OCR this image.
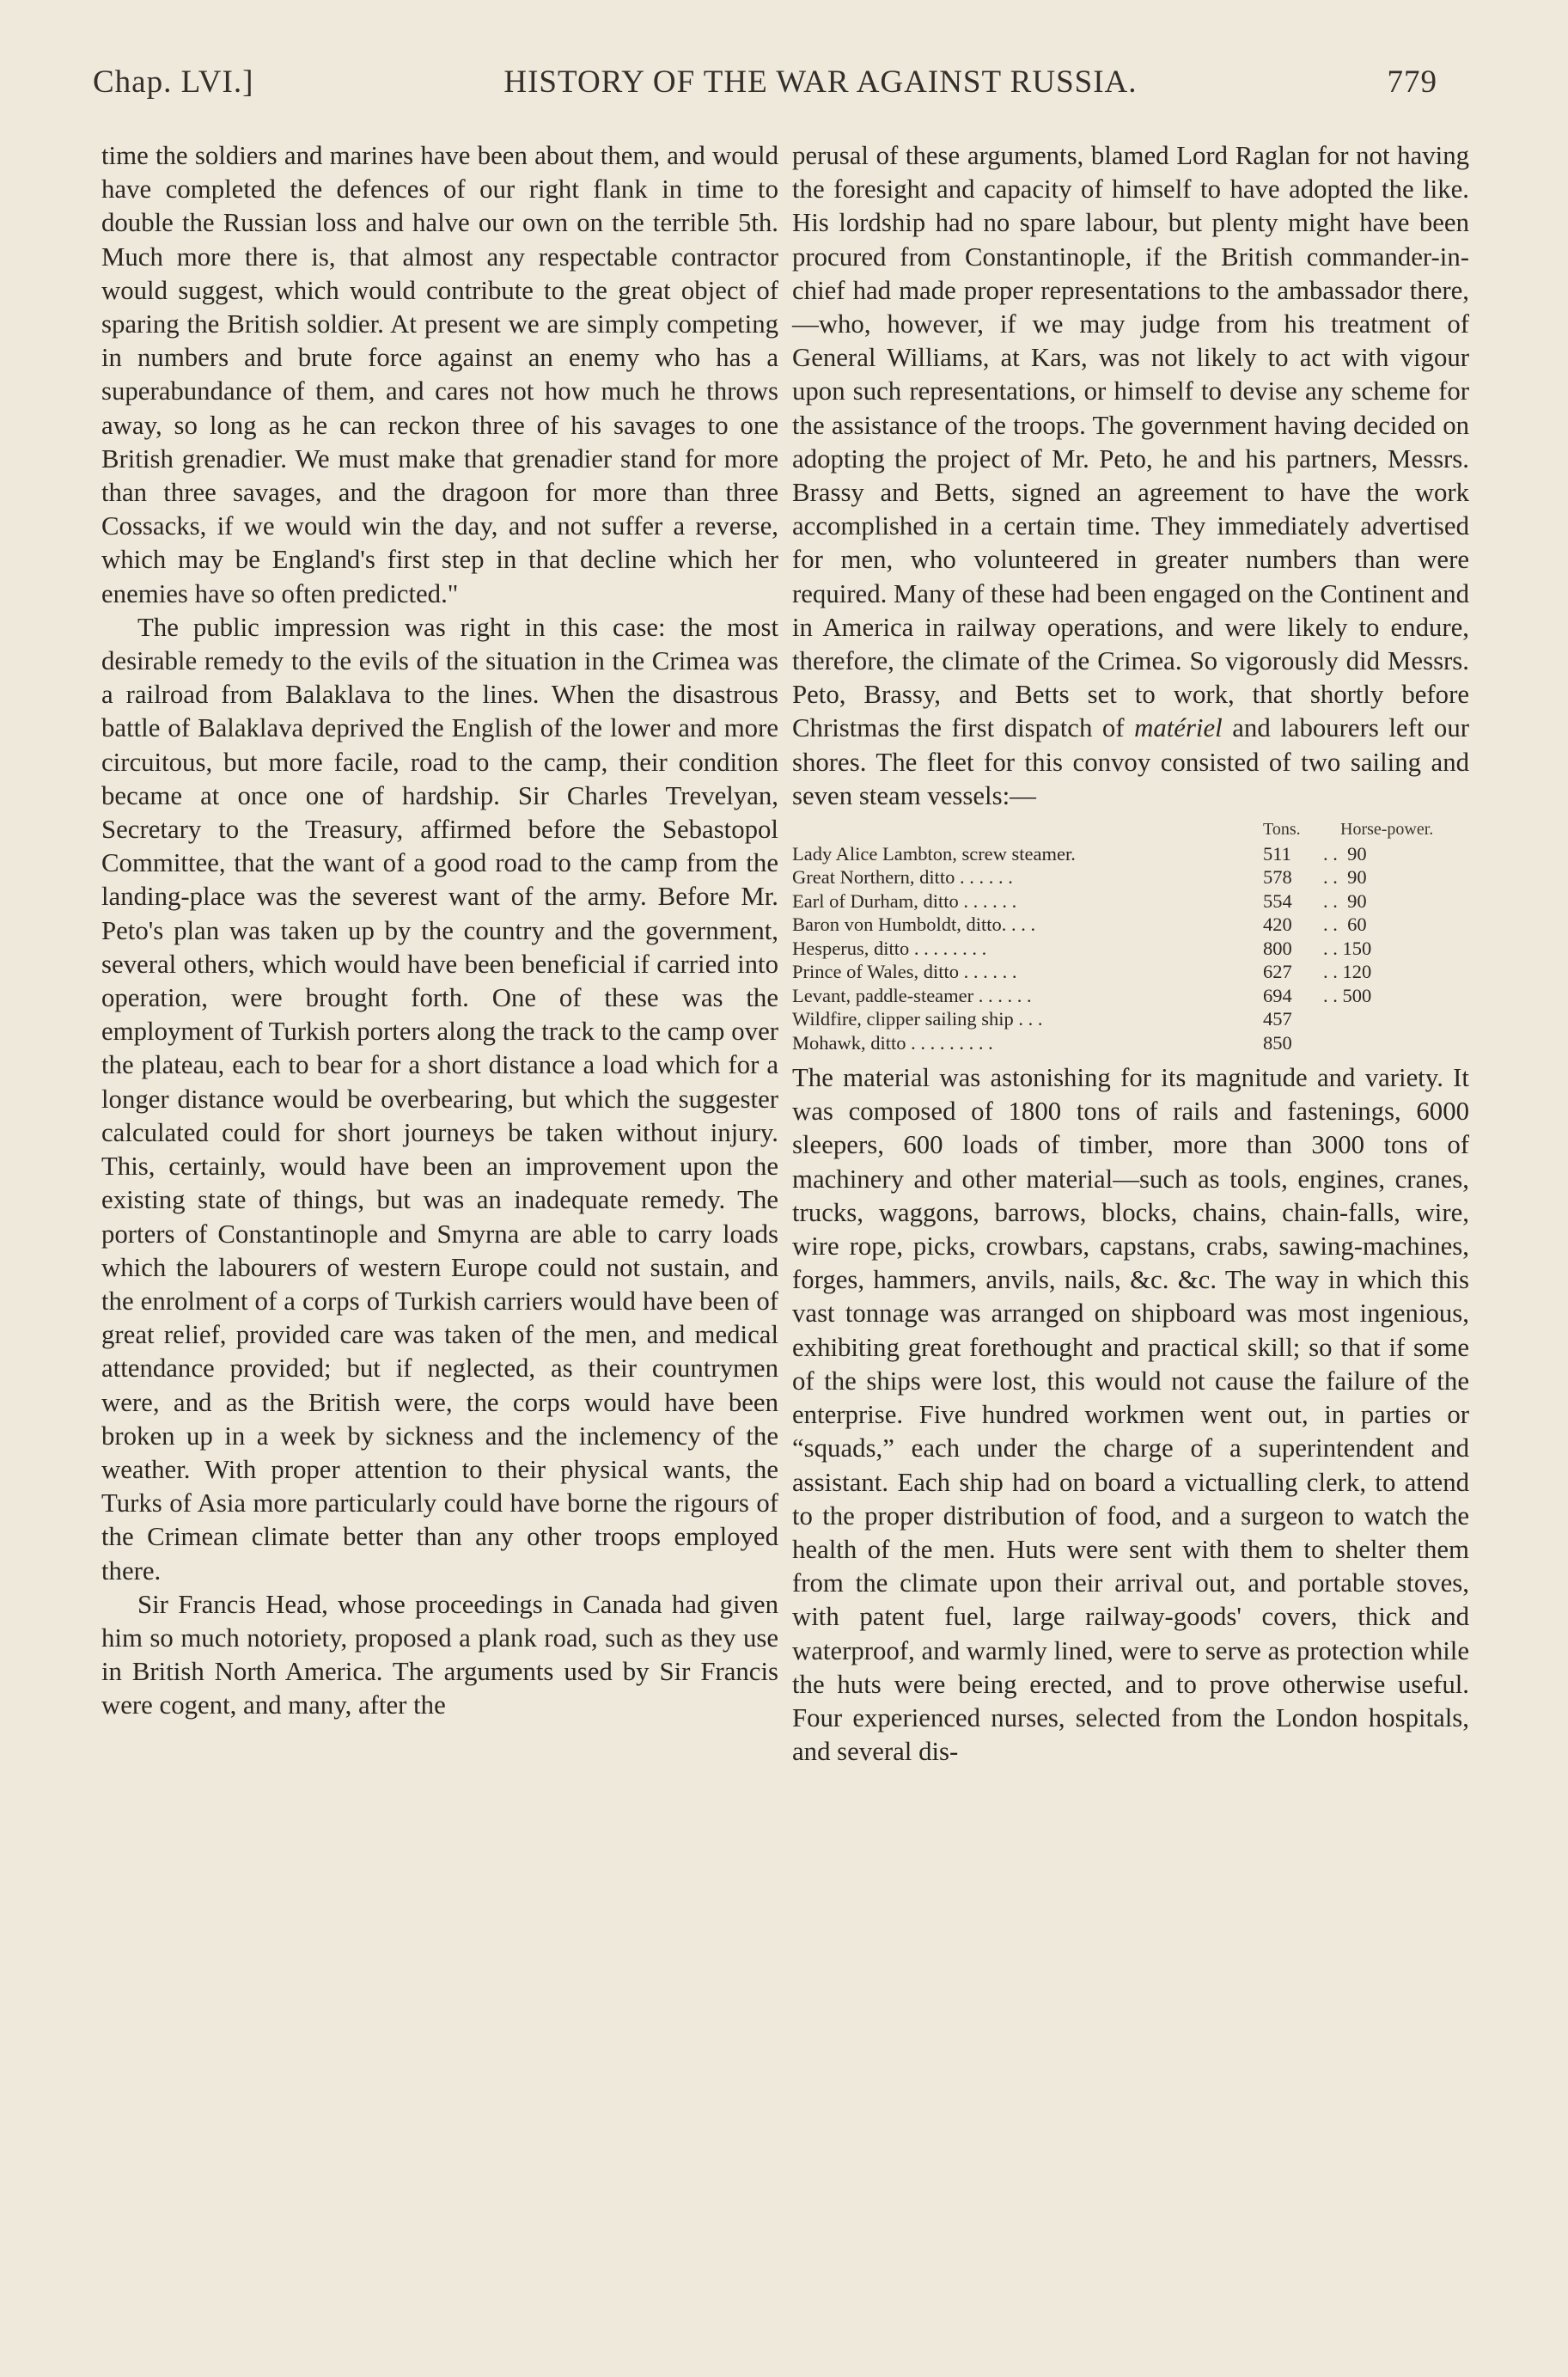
Chap. LVI.]	HISTORY OF THE WAR AGAINST RUSSIA.	779

time the soldiers and marines have been about them, and would have completed the defences of our right flank in time to double the Russian loss and halve our own on the terrible 5th. Much more there is, that almost any respectable contractor would suggest, which would contribute to the great object of sparing the British soldier. At present we are simply competing in numbers and brute force against an enemy who has a superabundance of them, and cares not how much he throws away, so long as he can reckon three of his savages to one British grenadier. We must make that grenadier stand for more than three savages, and the dragoon for more than three Cossacks, if we would win the day, and not suffer a reverse, which may be England's first step in that decline which her enemies have so often predicted."

The public impression was right in this case: the most desirable remedy to the evils of the situation in the Crimea was a railroad from Balaklava to the lines. When the disastrous battle of Balaklava deprived the English of the lower and more circuitous, but more facile, road to the camp, their condition became at once one of hardship. Sir Charles Trevelyan, Secretary to the Treasury, affirmed before the Sebastopol Committee, that the want of a good road to the camp from the landing-place was the severest want of the army. Before Mr. Peto's plan was taken up by the country and the government, several others, which would have been beneficial if carried into operation, were brought forth. One of these was the employment of Turkish porters along the track to the camp over the plateau, each to bear for a short distance a load which for a longer distance would be overbearing, but which the suggester calculated could for short journeys be taken without injury. This, certainly, would have been an improvement upon the existing state of things, but was an inadequate remedy. The porters of Constantinople and Smyrna are able to carry loads which the labourers of western Europe could not sustain, and the enrolment of a corps of Turkish carriers would have been of great relief, provided care was taken of the men, and medical attendance provided; but if neglected, as their countrymen were, and as the British were, the corps would have been broken up in a week by sickness and the inclemency of the weather. With proper attention to their physical wants, the Turks of Asia more particularly could have borne the rigours of the Crimean climate better than any other troops employed there.

Sir Francis Head, whose proceedings in Canada had given him so much notoriety, proposed a plank road, such as they use in British North America. The arguments used by Sir Francis were cogent, and many, after the

perusal of these arguments, blamed Lord Raglan for not having the foresight and capacity of himself to have adopted the like. His lordship had no spare labour, but plenty might have been procured from Constantinople, if the British commander-in-chief had made proper representations to the ambassador there,—who, however, if we may judge from his treatment of General Williams, at Kars, was not likely to act with vigour upon such representations, or himself to devise any scheme for the assistance of the troops. The government having decided on adopting the project of Mr. Peto, he and his partners, Messrs. Brassy and Betts, signed an agreement to have the work accomplished in a certain time. They immediately advertised for men, who volunteered in greater numbers than were required. Many of these had been engaged on the Continent and in America in railway operations, and were likely to endure, therefore, the climate of the Crimea. So vigorously did Messrs. Peto, Brassy, and Betts set to work, that shortly before Christmas the first dispatch of matériel and labourers left our shores. The fleet for this convoy consisted of two sailing and seven steam vessels:—

Tons.	Horse-power.
Lady Alice Lambton, screw steamer.	511	. .  90
Great Northern, ditto . . . . . .	578	. .  90
Earl of Durham, ditto . . . . . .	554	. .  90
Baron von Humboldt, ditto. . . .	420	. .  60
Hesperus, ditto . . . . . . . .	800	. . 150
Prince of Wales, ditto . . . . . .	627	. . 120
Levant, paddle-steamer . . . . . .	694	. . 500
Wildfire, clipper sailing ship . . .	457
Mohawk, ditto . . . . . . . . .	850

The material was astonishing for its magnitude and variety. It was composed of 1800 tons of rails and fastenings, 6000 sleepers, 600 loads of timber, more than 3000 tons of machinery and other material—such as tools, engines, cranes, trucks, waggons, barrows, blocks, chains, chain-falls, wire, wire rope, picks, crowbars, capstans, crabs, sawing-machines, forges, hammers, anvils, nails, &c. &c. The way in which this vast tonnage was arranged on shipboard was most ingenious, exhibiting great forethought and practical skill; so that if some of the ships were lost, this would not cause the failure of the enterprise. Five hundred workmen went out, in parties or “squads,” each under the charge of a superintendent and assistant. Each ship had on board a victualling clerk, to attend to the proper distribution of food, and a surgeon to watch the health of the men. Huts were sent with them to shelter them from the climate upon their arrival out, and portable stoves, with patent fuel, large railway-goods' covers, thick and waterproof, and warmly lined, were to serve as protection while the huts were being erected, and to prove otherwise useful. Four experienced nurses, selected from the London hospitals, and several dis-
